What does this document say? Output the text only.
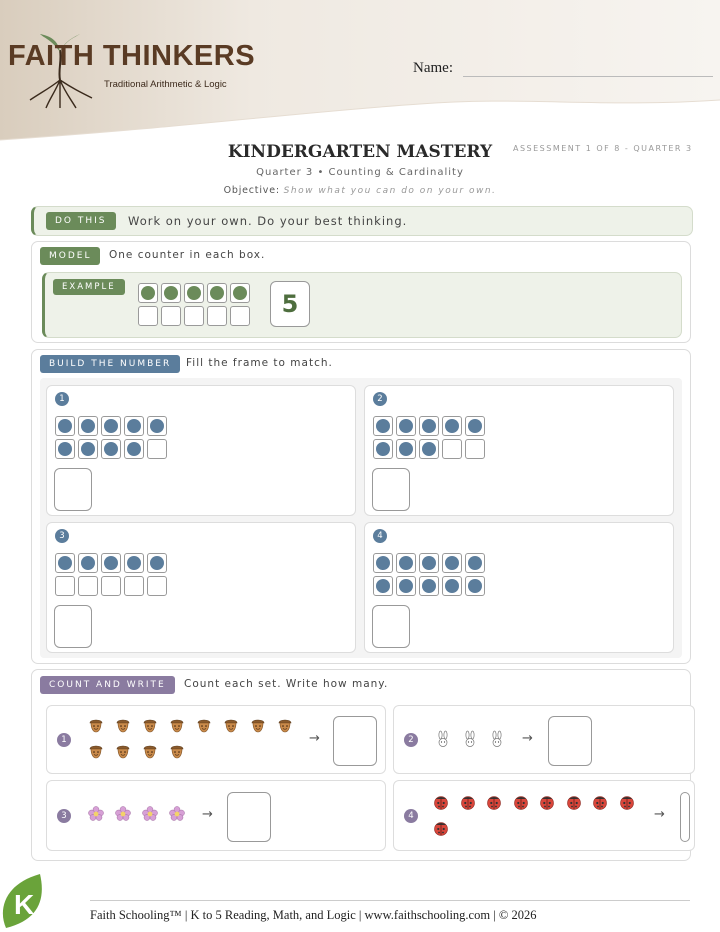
FAITH THINKERS
Traditional Arithmetic & Logic
Name:
KINDERGARTEN MASTERY	ASSESSMENT 1 OF 8 - QUARTER 3
Quarter 3 • Counting & Cardinality
Objective: Show what you can do on your own.
DO THIS	Work on your own. Do your best thinking.
MODEL	One counter in each box.
EXAMPLE
5
BUILD THE NUMBER	Fill the frame to match.
1	2
3	4
COUNT AND WRITE	Count each set. Write how many.
1	→	2	→
3	→	4	→
K	Faith Schooling™ | K to 5 Reading, Math, and Logic | www.faithschooling.com | © 2026
